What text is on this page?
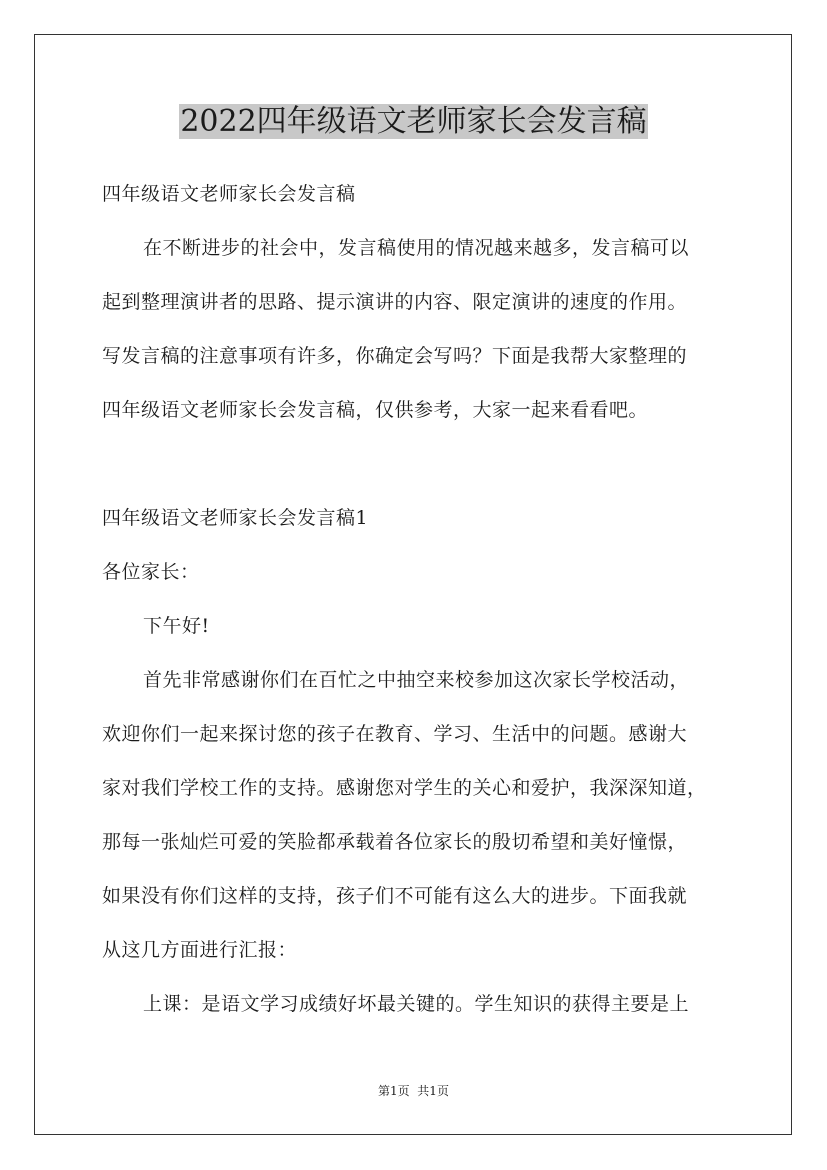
2022四年级语文老师家长会发言稿
四年级语文老师家长会发言稿
在不断进步的社会中，发言稿使用的情况越来越多，发言稿可以
起到整理演讲者的思路、提示演讲的内容、限定演讲的速度的作用。
写发言稿的注意事项有许多，你确定会写吗？下面是我帮大家整理的
四年级语文老师家长会发言稿，仅供参考，大家一起来看看吧。
四年级语文老师家长会发言稿1
各位家长：
下午好!
首先非常感谢你们在百忙之中抽空来校参加这次家长学校活动，
欢迎你们一起来探讨您的孩子在教育、学习、生活中的问题。感谢大
家对我们学校工作的支持。感谢您对学生的关心和爱护，我深深知道，
那每一张灿烂可爱的笑脸都承载着各位家长的殷切希望和美好憧憬，
如果没有你们这样的支持，孩子们不可能有这么大的进步。下面我就
从这几方面进行汇报：
上课：是语文学习成绩好坏最关键的。学生知识的获得主要是上
第1页  共1页
